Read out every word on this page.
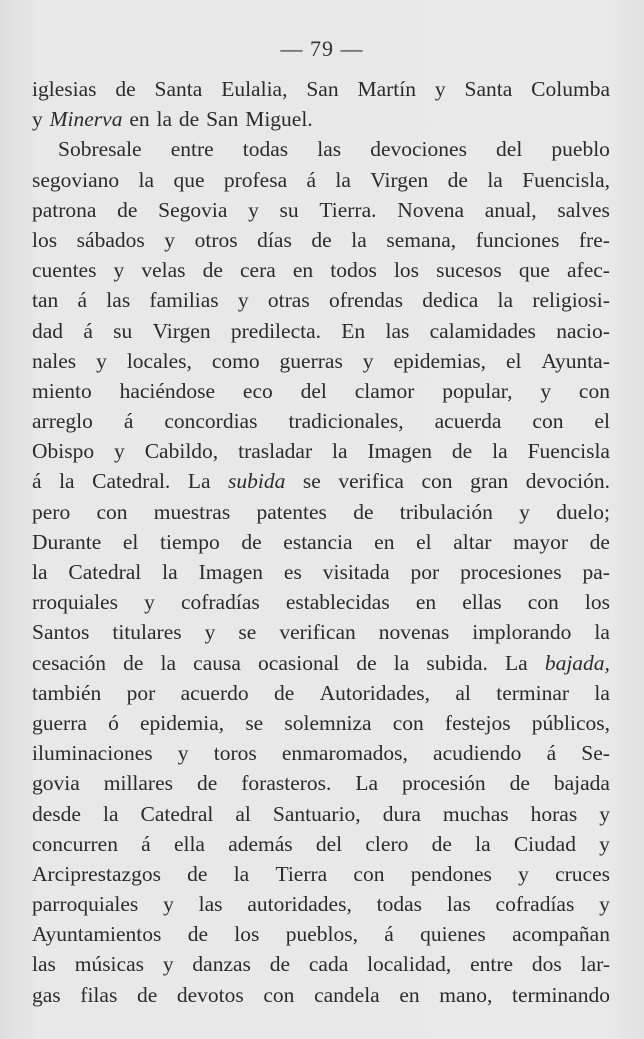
— 79 —
iglesias de Santa Eulalia, San Martín y Santa Columba
y Minerva en la de San Miguel.
Sobresale entre todas las devociones del pueblo
segoviano la que profesa á la Virgen de la Fuencisla,
patrona de Segovia y su Tierra. Novena anual, salves
los sábados y otros días de la semana, funciones fre-
cuentes y velas de cera en todos los sucesos que afec-
tan á las familias y otras ofrendas dedica la religiosi-
dad á su Virgen predilecta. En las calamidades nacio-
nales y locales, como guerras y epidemias, el Ayunta-
miento haciéndose eco del clamor popular, y con
arreglo á concordias tradicionales, acuerda con el
Obispo y Cabildo, trasladar la Imagen de la Fuencisla
á la Catedral. La subida se verifica con gran devoción.
pero con muestras patentes de tribulación y duelo;
Durante el tiempo de estancia en el altar mayor de
la Catedral la Imagen es visitada por procesiones pa-
rroquiales y cofradías establecidas en ellas con los
Santos titulares y se verifican novenas implorando la
cesación de la causa ocasional de la subida. La bajada,
también por acuerdo de Autoridades, al terminar la
guerra ó epidemia, se solemniza con festejos públicos,
iluminaciones y toros enmaromados, acudiendo á Se-
govia millares de forasteros. La procesión de bajada
desde la Catedral al Santuario, dura muchas horas y
concurren á ella además del clero de la Ciudad y
Arciprestazgos de la Tierra con pendones y cruces
parroquiales y las autoridades, todas las cofradías y
Ayuntamientos de los pueblos, á quienes acompañan
las músicas y danzas de cada localidad, entre dos lar-
gas filas de devotos con candela en mano, terminando
